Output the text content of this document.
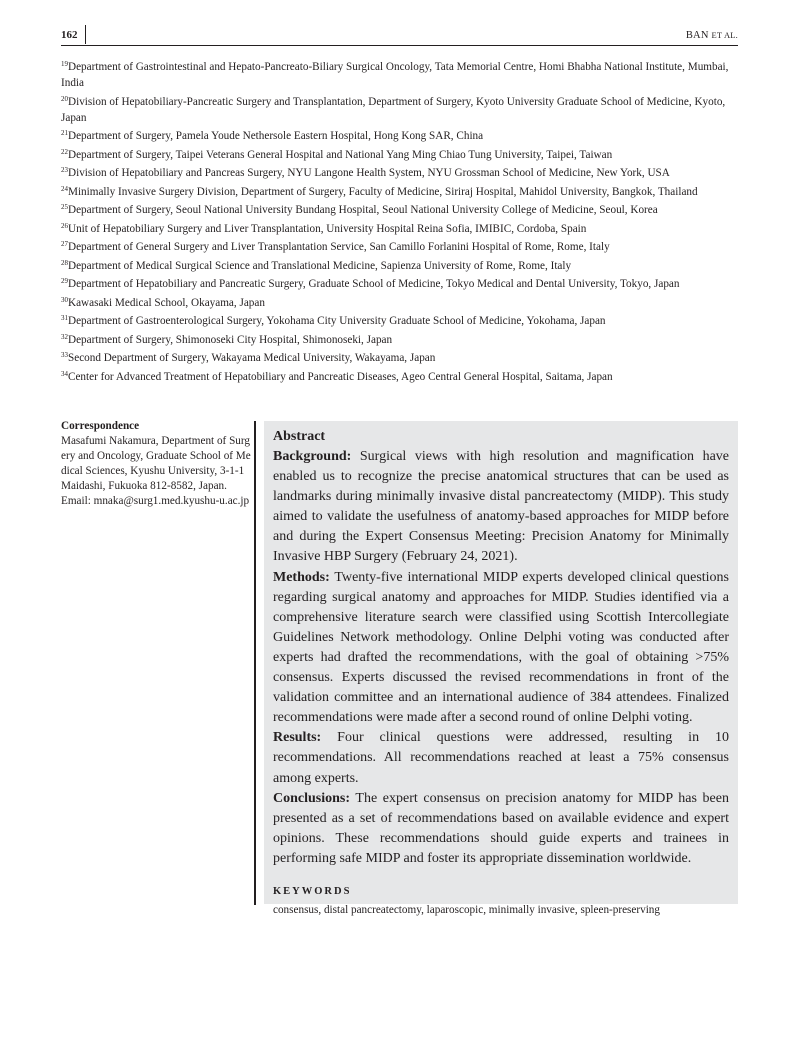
162	BAN ET AL.

$^{19}$Department of Gastrointestinal and Hepato-Pancreato-Biliary Surgical Oncology, Tata Memorial Centre, Homi Bhabha National Institute, Mumbai, India

$^{20}$Division of Hepatobiliary-Pancreatic Surgery and Transplantation, Department of Surgery, Kyoto University Graduate School of Medicine, Kyoto, Japan

$^{21}$Department of Surgery, Pamela Youde Nethersole Eastern Hospital, Hong Kong SAR, China

$^{22}$Department of Surgery, Taipei Veterans General Hospital and National Yang Ming Chiao Tung University, Taipei, Taiwan

$^{23}$Division of Hepatobiliary and Pancreas Surgery, NYU Langone Health System, NYU Grossman School of Medicine, New York, USA

$^{24}$Minimally Invasive Surgery Division, Department of Surgery, Faculty of Medicine, Siriraj Hospital, Mahidol University, Bangkok, Thailand

$^{25}$Department of Surgery, Seoul National University Bundang Hospital, Seoul National University College of Medicine, Seoul, Korea

$^{26}$Unit of Hepatobiliary Surgery and Liver Transplantation, University Hospital Reina Sofia, IMIBIC, Cordoba, Spain

$^{27}$Department of General Surgery and Liver Transplantation Service, San Camillo Forlanini Hospital of Rome, Rome, Italy

$^{28}$Department of Medical Surgical Science and Translational Medicine, Sapienza University of Rome, Rome, Italy

$^{29}$Department of Hepatobiliary and Pancreatic Surgery, Graduate School of Medicine, Tokyo Medical and Dental University, Tokyo, Japan

$^{30}$Kawasaki Medical School, Okayama, Japan

$^{31}$Department of Gastroenterological Surgery, Yokohama City University Graduate School of Medicine, Yokohama, Japan

$^{32}$Department of Surgery, Shimonoseki City Hospital, Shimonoseki, Japan

$^{33}$Second Department of Surgery, Wakayama Medical University, Wakayama, Japan

$^{34}$Center for Advanced Treatment of Hepatobiliary and Pancreatic Diseases, Ageo Central General Hospital, Saitama, Japan

Correspondence
Masafumi Nakamura, Department of Surgery and Oncology, Graduate School of Medical Sciences, Kyushu University, 3-1-1 Maidashi, Fukuoka 812-8582, Japan.
Email: mnaka@surg1.med.kyushu-u.ac.jp
Abstract

Background: Surgical views with high resolution and magnification have enabled us to recognize the precise anatomical structures that can be used as landmarks during minimally invasive distal pancreatectomy (MIDP). This study aimed to validate the usefulness of anatomy-based approaches for MIDP before and during the Expert Consensus Meeting: Precision Anatomy for Minimally Invasive HBP Surgery (February 24, 2021).

Methods: Twenty-five international MIDP experts developed clinical questions regarding surgical anatomy and approaches for MIDP. Studies identified via a comprehensive literature search were classified using Scottish Intercollegiate Guidelines Network methodology. Online Delphi voting was conducted after experts had drafted the recommendations, with the goal of obtaining >75% consensus. Experts discussed the revised recommendations in front of the validation committee and an international audience of 384 attendees. Finalized recommendations were made after a second round of online Delphi voting.

Results: Four clinical questions were addressed, resulting in 10 recommendations. All recommendations reached at least a 75% consensus among experts.

Conclusions: The expert consensus on precision anatomy for MIDP has been presented as a set of recommendations based on available evidence and expert opinions. These recommendations should guide experts and trainees in performing safe MIDP and foster its appropriate dissemination worldwide.

KEYWORDS
consensus, distal pancreatectomy, laparoscopic, minimally invasive, spleen-preserving
